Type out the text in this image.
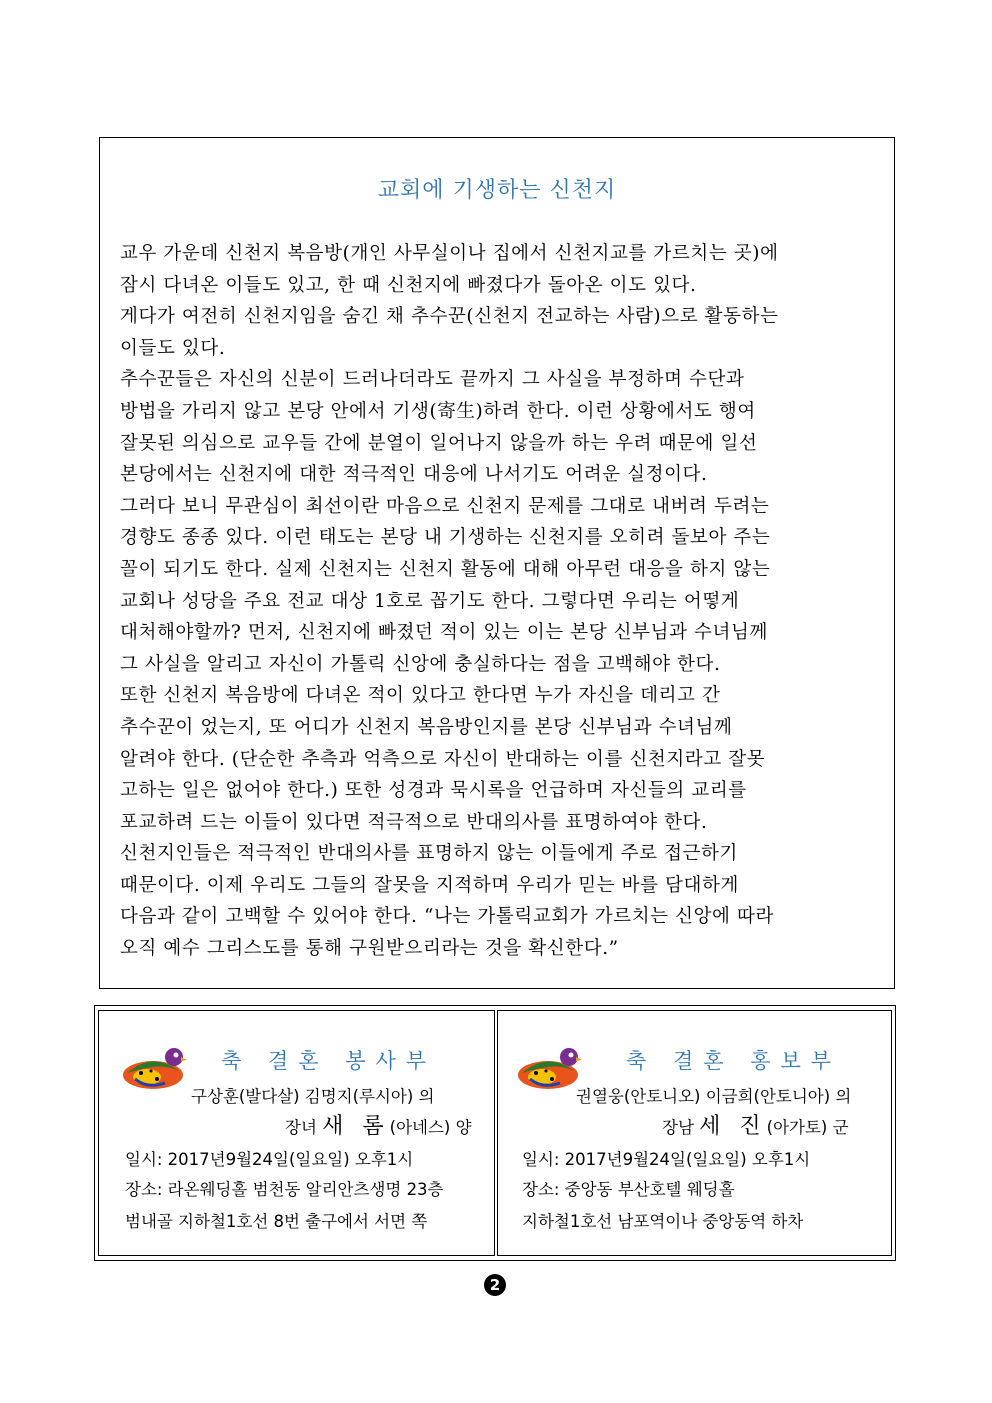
교회에 기생하는 신천지
교우 가운데 신천지 복음방(개인 사무실이나 집에서 신천지교를 가르치는 곳)에
잠시 다녀온 이들도 있고, 한 때 신천지에 빠졌다가 돌아온 이도 있다.
게다가 여전히 신천지임을 숨긴 채 추수꾼(신천지 전교하는 사람)으로 활동하는
이들도 있다.
추수꾼들은 자신의 신분이 드러나더라도 끝까지 그 사실을 부정하며 수단과
방법을 가리지 않고 본당 안에서 기생(寄生)하려 한다. 이런 상황에서도 행여
잘못된 의심으로 교우들 간에 분열이 일어나지 않을까 하는 우려 때문에 일선
본당에서는 신천지에 대한 적극적인 대응에 나서기도 어려운 실정이다.
그러다 보니 무관심이 최선이란 마음으로 신천지 문제를 그대로 내버려 두려는
경향도 종종 있다. 이런 태도는 본당 내 기생하는 신천지를 오히려 돌보아 주는
꼴이 되기도 한다. 실제 신천지는 신천지 활동에 대해 아무런 대응을 하지 않는
교회나 성당을 주요 전교 대상 1호로 꼽기도 한다. 그렇다면 우리는 어떻게
대처해야할까? 먼저, 신천지에 빠졌던 적이 있는 이는 본당 신부님과 수녀님께
그 사실을 알리고 자신이 가톨릭 신앙에 충실하다는 점을 고백해야 한다.
또한 신천지 복음방에 다녀온 적이 있다고 한다면 누가 자신을 데리고 간
추수꾼이 었는지, 또 어디가 신천지 복음방인지를 본당 신부님과 수녀님께
알려야 한다. (단순한 추측과 억측으로 자신이 반대하는 이를 신천지라고 잘못
고하는 일은 없어야 한다.) 또한 성경과 묵시록을 언급하며 자신들의 교리를
포교하려 드는 이들이 있다면 적극적으로 반대의사를 표명하여야 한다.
신천지인들은 적극적인 반대의사를 표명하지 않는 이들에게 주로 접근하기
때문이다. 이제 우리도 그들의 잘못을 지적하며 우리가 믿는 바를 담대하게
다음과 같이 고백할 수 있어야 한다. “나는 가톨릭교회가 가르치는 신앙에 따라
오직 예수 그리스도를 통해 구원받으리라는 것을 확신한다.”
축 결혼 봉사부
구상훈(발다살) 김명지(루시아) 의
장녀 새 롬(아네스) 양
일시: 2017년9월24일(일요일) 오후1시
장소: 라온웨딩홀 범천동 알리안츠생명 23층
범내골 지하철1호선 8번 출구에서 서면 쪽
축 결혼 홍보부
권열웅(안토니오) 이금희(안토니아) 의
장남 세 진(아가토) 군
일시: 2017년9월24일(일요일) 오후1시
장소: 중앙동 부산호텔 웨딩홀
지하철1호선 남포역이나 중앙동역 하차
2
